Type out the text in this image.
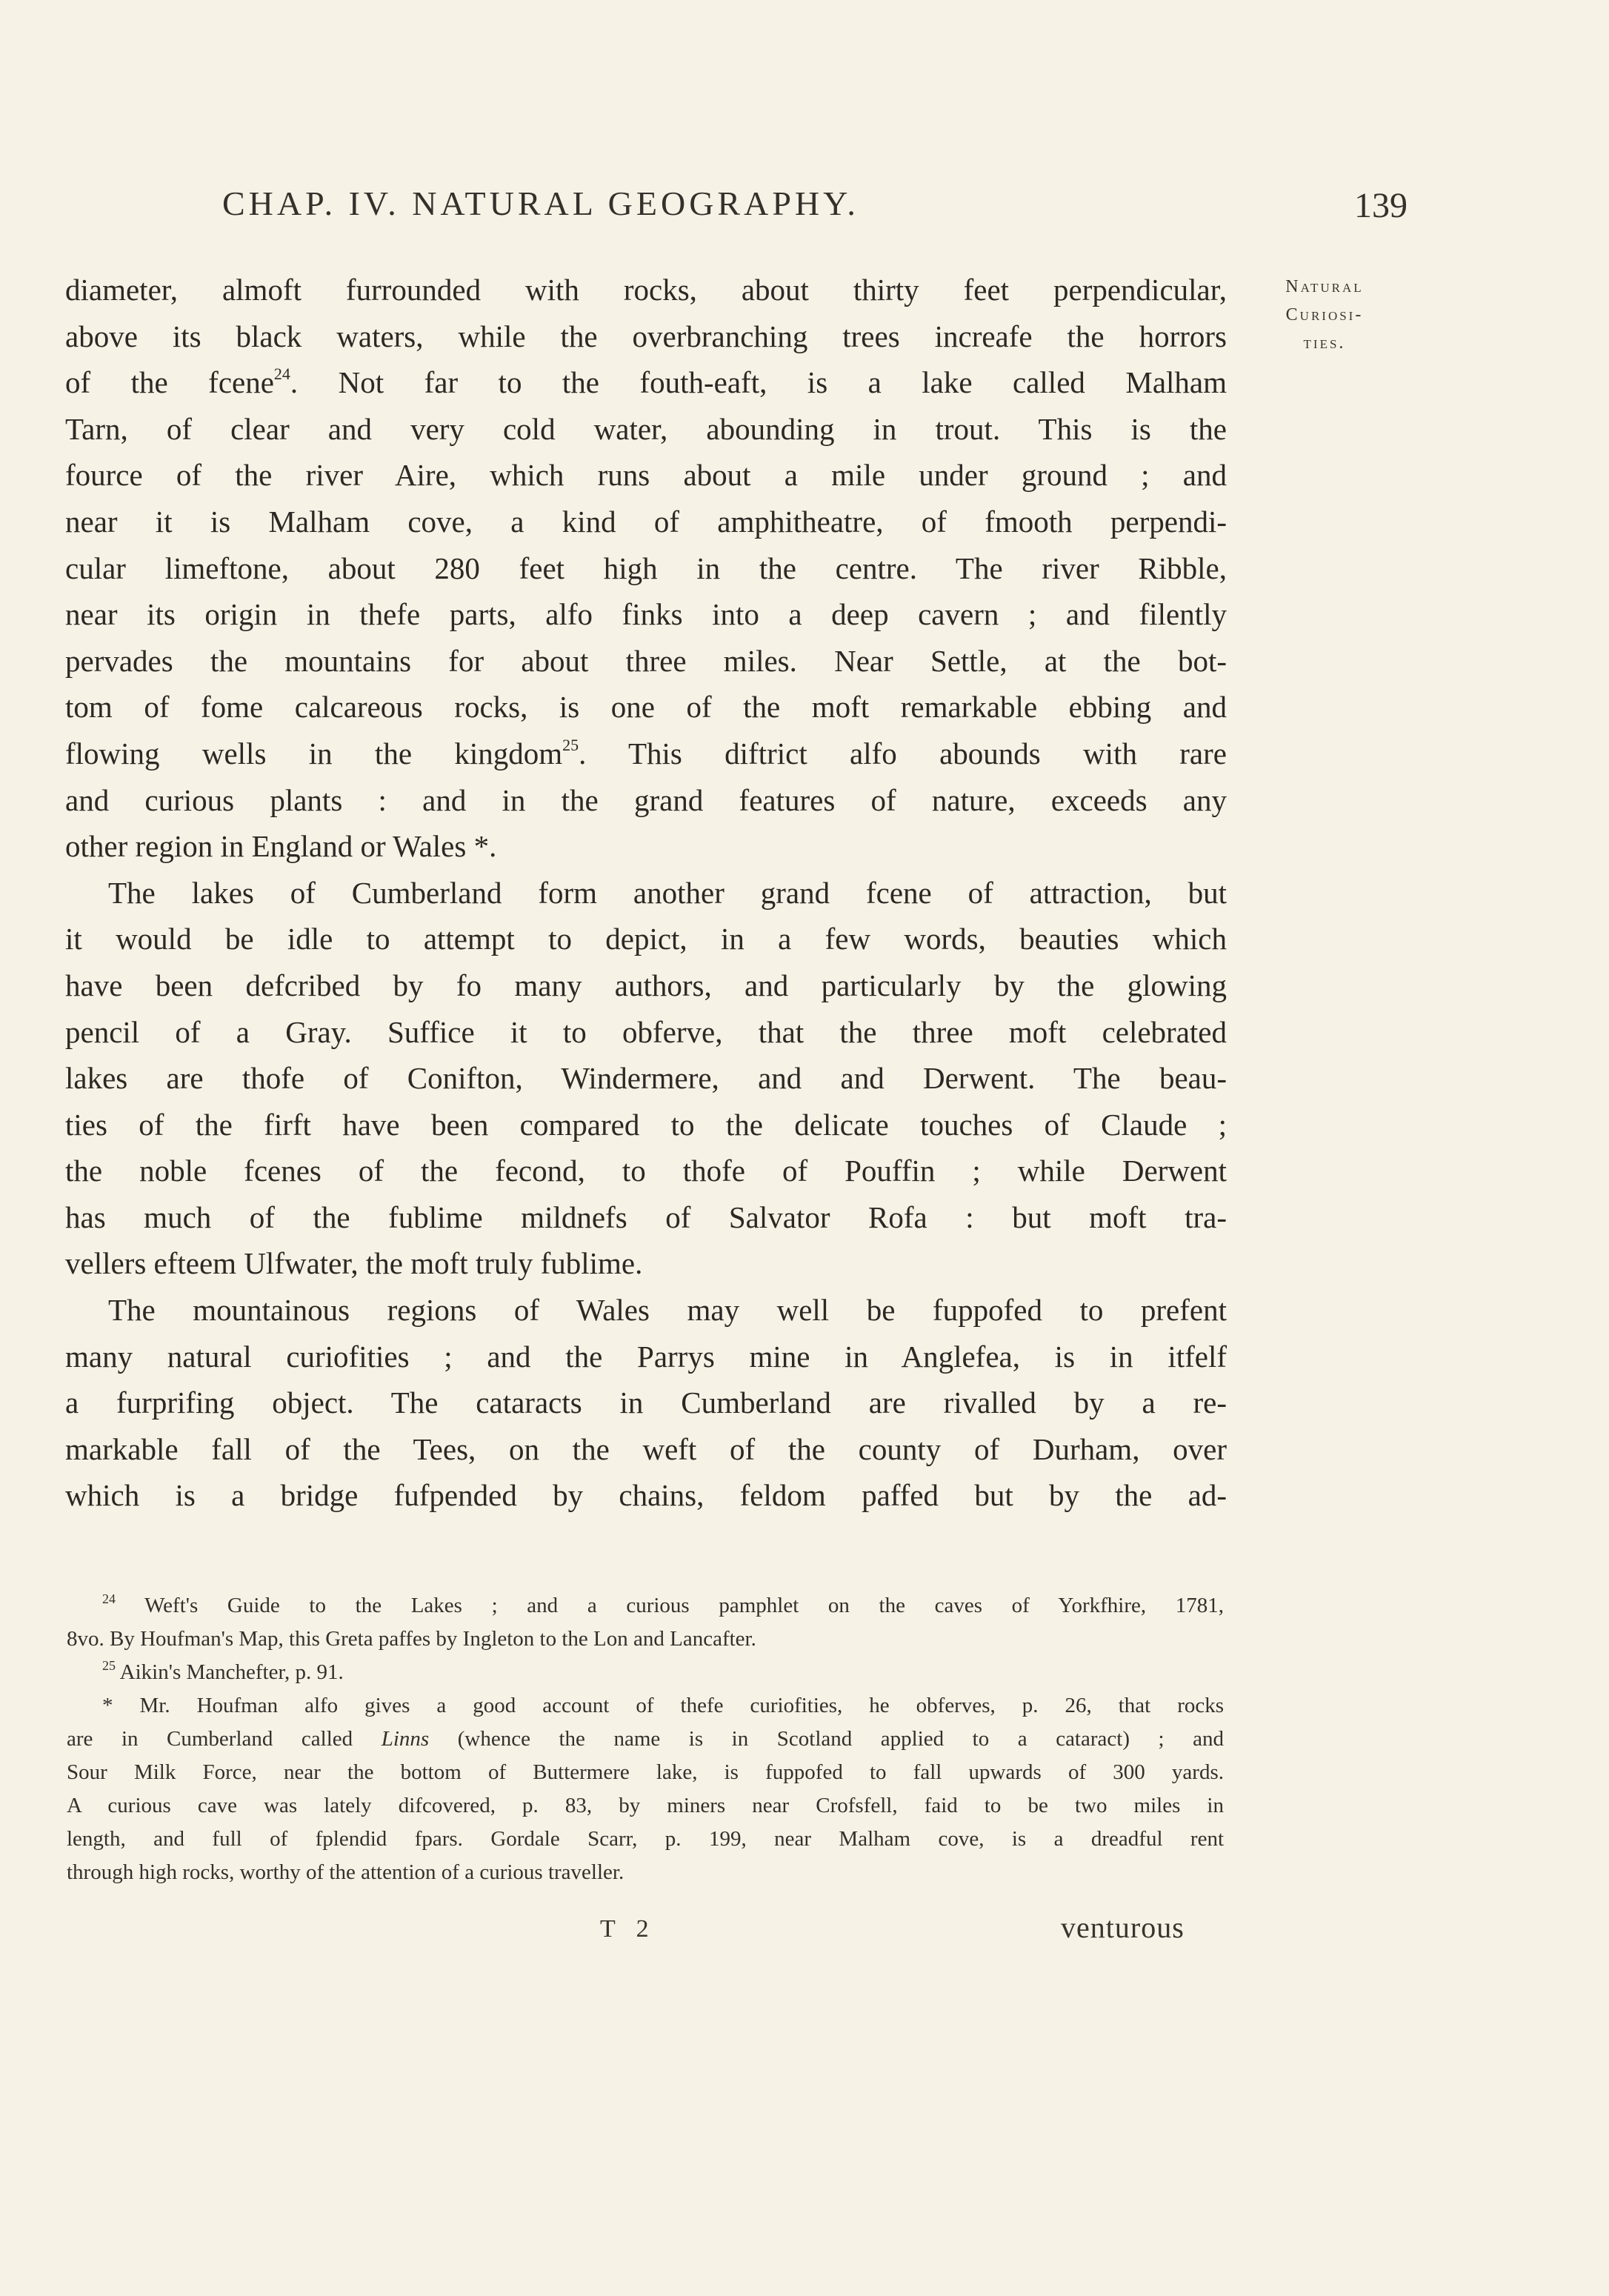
CHAP. IV. NATURAL GEOGRAPHY.	139
Natural
Curiosi-
ties.
diameter, almoft furrounded with rocks, about thirty feet perpendicular,
above its black waters, while the overbranching trees increafe the horrors
of the fcene$^{24}$. Not far to the fouth-eaft, is a lake called Malham
Tarn, of clear and very cold water, abounding in trout. This is the
fource of the river Aire, which runs about a mile under ground ; and
near it is Malham cove, a kind of amphitheatre, of fmooth perpendi-
cular limeftone, about 280 feet high in the centre. The river Ribble,
near its origin in thefe parts, alfo finks into a deep cavern ; and filently
pervades the mountains for about three miles. Near Settle, at the bot-
tom of fome calcareous rocks, is one of the moft remarkable ebbing and
flowing wells in the kingdom$^{25}$. This diftrict alfo abounds with rare
and curious plants : and in the grand features of nature, exceeds any
other region in England or Wales *.
The lakes of Cumberland form another grand fcene of attraction, but
it would be idle to attempt to depict, in a few words, beauties which
have been defcribed by fo many authors, and particularly by the glowing
pencil of a Gray. Suffice it to obferve, that the three moft celebrated
lakes are thofe of Conifton, Windermere, and and Derwent. The beau-
ties of the firft have been compared to the delicate touches of Claude ;
the noble fcenes of the fecond, to thofe of Pouffin ; while Derwent
has much of the fublime mildnefs of Salvator Rofa : but moft tra-
vellers efteem Ulfwater, the moft truly fublime.
The mountainous regions of Wales may well be fuppofed to prefent
many natural curiofities ; and the Parrys mine in Anglefea, is in itfelf
a furprifing object. The cataracts in Cumberland are rivalled by a re-
markable fall of the Tees, on the weft of the county of Durham, over
which is a bridge fufpended by chains, feldom paffed but by the ad-
$^{24}$ Weft's Guide to the Lakes ; and a curious pamphlet on the caves of Yorkfhire, 1781,
8vo. By Houfman's Map, this Greta paffes by Ingleton to the Lon and Lancafter.
$^{25}$ Aikin's Manchefter, p. 91.
* Mr. Houfman alfo gives a good account of thefe curiofities, he obferves, p. 26, that rocks
are in Cumberland called Linns (whence the name is in Scotland applied to a cataract) ; and
Sour Milk Force, near the bottom of Buttermere lake, is fuppofed to fall upwards of 300 yards.
A curious cave was lately difcovered, p. 83, by miners near Crofsfell, faid to be two miles in
length, and full of fplendid fpars. Gordale Scarr, p. 199, near Malham cove, is a dreadful rent
through high rocks, worthy of the attention of a curious traveller.
T 2	venturous
